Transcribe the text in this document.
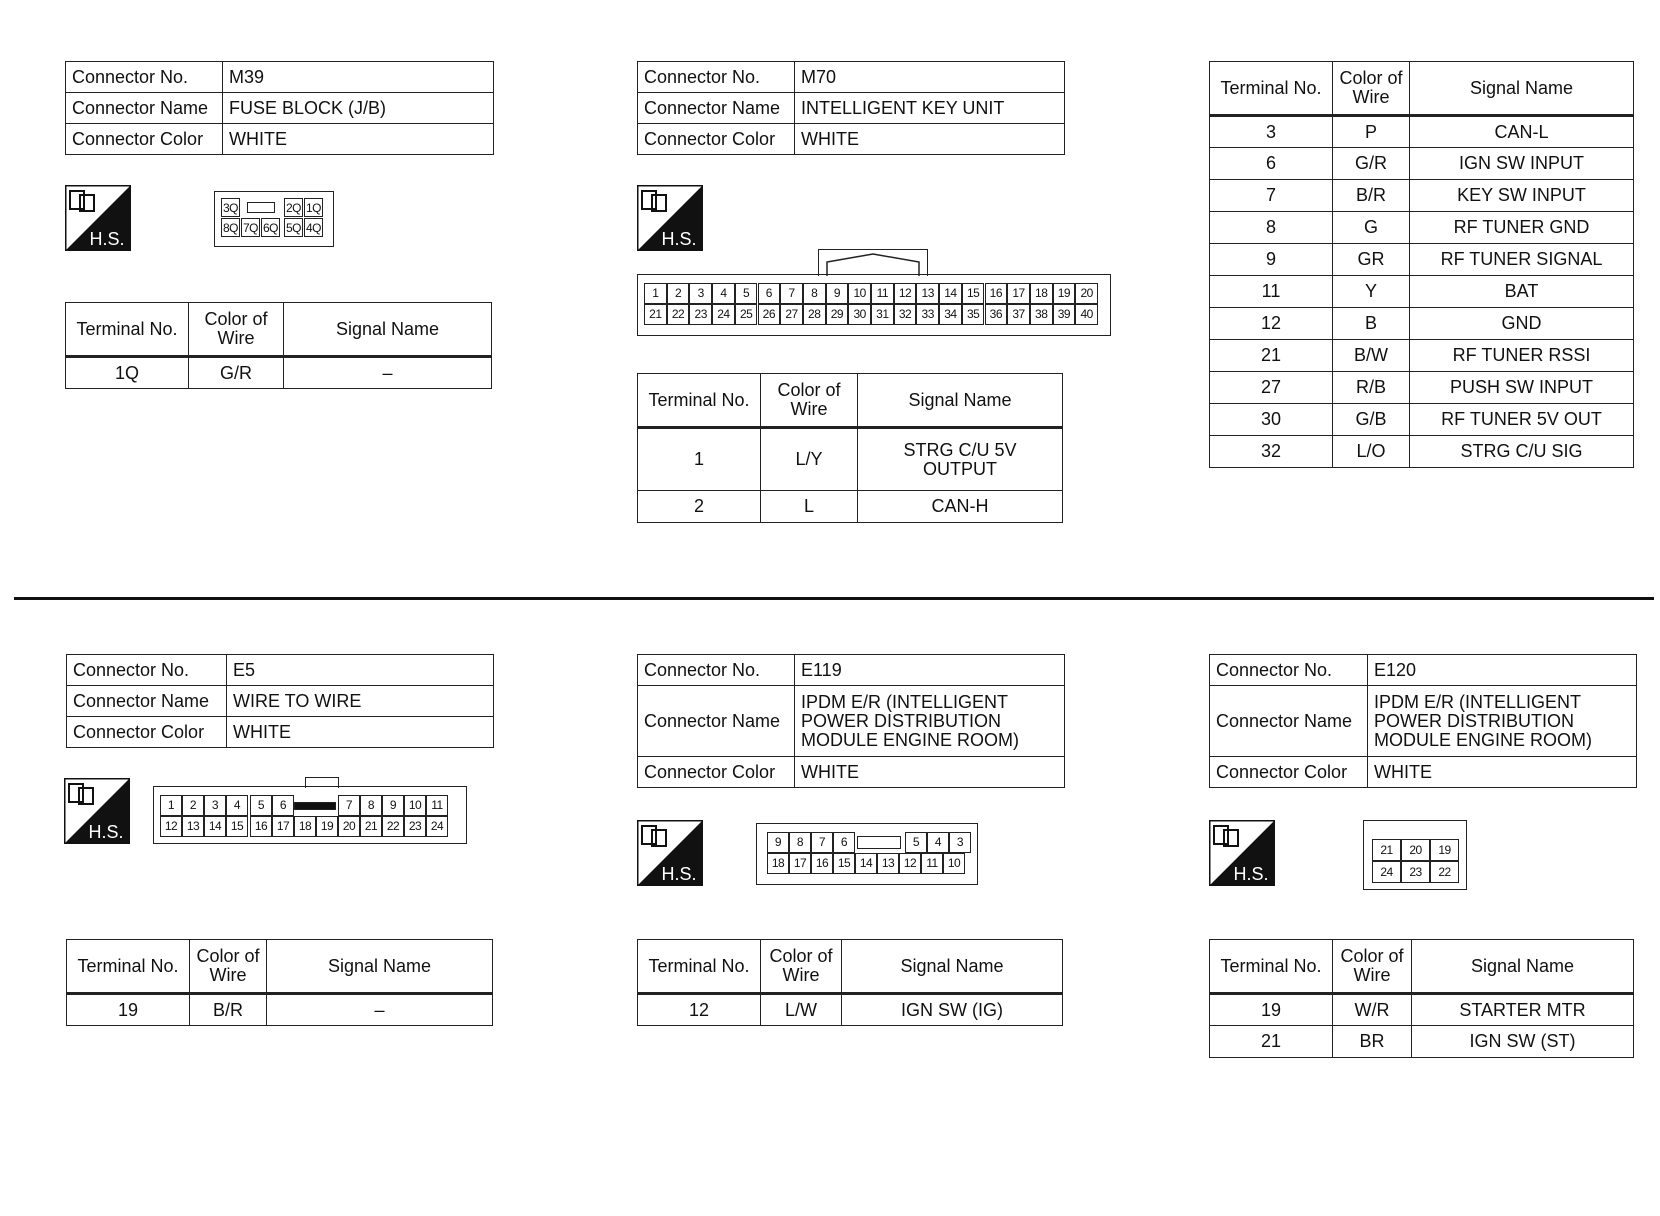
Connector No.	M39
Connector Name	FUSE BLOCK (J/B)
Connector Color	WHITE
H.S.
3Q	2Q 1Q
8Q 7Q 6Q 5Q 4Q
Terminal No.	Color of Wire	Signal Name
1Q	G/R	–
Connector No.	M70
Connector Name	INTELLIGENT KEY UNIT
Connector Color	WHITE
H.S.
1	2	3	4	5	6	7	8	9	10 11 12 13 14 15 16 17 18 19 20
21 22 23 24 25 26 27 28 29 30 31 32 33 34 35 36 37 38 39 40
Terminal No.	Color of Wire	Signal Name
1	L/Y	STRG C/U 5V OUTPUT
2	L	CAN-H
Terminal No.	Color of Wire	Signal Name
3	P	CAN-L
6	G/R	IGN SW INPUT
7	B/R	KEY SW INPUT
8	G	RF TUNER GND
9	GR	RF TUNER SIGNAL
11	Y	BAT
12	B	GND
21	B/W	RF TUNER RSSI
27	R/B	PUSH SW INPUT
30	G/B	RF TUNER 5V OUT
32	L/O	STRG C/U SIG
Connector No.	E5
Connector Name	WIRE TO WIRE
Connector Color	WHITE
H.S.
1	2	3	4	5	6	7	8	9	10 11
12 13 14 15 16 17 18 19 20 21 22 23 24
Terminal No.	Color of Wire	Signal Name
19	B/R	–
Connector No.	E119
Connector Name	IPDM E/R (INTELLIGENT POWER DISTRIBUTION MODULE ENGINE ROOM)
Connector Color	WHITE
H.S.
9	8	7	6	5	4	3
18 17 16 15 14 13 12 11 10
Terminal No.	Color of Wire	Signal Name
12	L/W	IGN SW (IG)
Connector No.	E120
Connector Name	IPDM E/R (INTELLIGENT POWER DISTRIBUTION MODULE ENGINE ROOM)
Connector Color	WHITE
H.S.
21	20	19
24	23	22
Terminal No.	Color of Wire	Signal Name
19	W/R	STARTER MTR
21	BR	IGN SW (ST)
